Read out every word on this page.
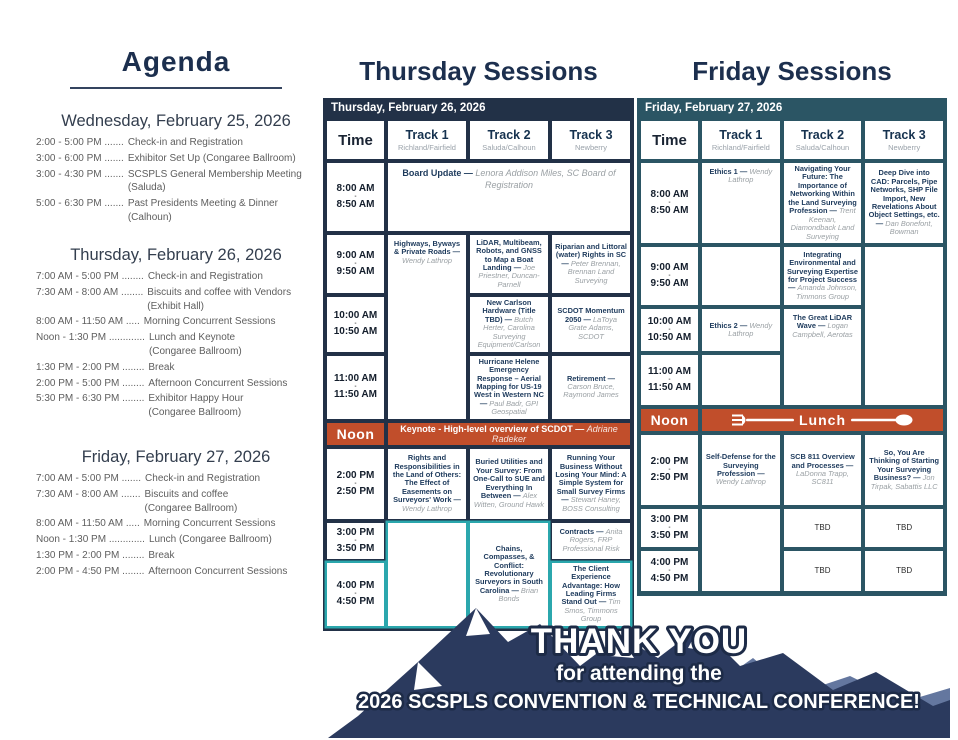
Agenda
Wednesday, February 25, 2026
2:00 - 5:00 PM ....... Check-in and Registration
3:00 - 6:00 PM ....... Exhibitor Set Up (Congaree Ballroom)
3:00 - 4:30 PM ....... SCSPLS General Membership Meeting
(Saluda)
5:00 - 6:30 PM ....... Past Presidents Meeting & Dinner
(Calhoun)
Thursday, February 26, 2026
7:00 AM - 5:00 PM ........ Check-in and Registration
7:30 AM - 8:00 AM ........ Biscuits and coffee with Vendors
(Exhibit Hall)
8:00 AM - 11:50 AM ..... Morning Concurrent Sessions
Noon - 1:30 PM ............. Lunch and Keynote
(Congaree Ballroom)
1:30 PM - 2:00 PM ........ Break
2:00 PM - 5:00 PM ........ Afternoon Concurrent Sessions
5:30 PM - 6:30 PM ........ Exhibitor Happy Hour
(Congaree Ballroom)
Friday, February 27, 2026
7:00 AM - 5:00 PM ....... Check-in and Registration
7:30 AM - 8:00 AM ....... Biscuits and coffee
(Congaree Ballroom)
8:00 AM - 11:50 AM ..... Morning Concurrent Sessions
Noon - 1:30 PM ............. Lunch (Congaree Ballroom)
1:30 PM - 2:00 PM ........ Break
2:00 PM - 4:50 PM ........ Afternoon Concurrent Sessions
Thursday Sessions	Friday Sessions
Thursday, February 26, 2026
Time	Track 1
Richland/Fairfield

Track 2
Saluda/Calhoun

Track 3
Newberry

8:00 AM
-
8:50 AM	Board Update — Lenora Addison Miles, SC Board of Registration		

9:00 AM
-
9:50 AM	Highways, Byways & Private Roads — Wendy Lathrop	LiDAR, Multibeam, Robots, and GNSS to Map a Boat Landing — Joe Priestner, Duncan-Parnell	Riparian and Littoral (water) Rights in SC — Peter Brennan, Brennan Land Surveying

10:00 AM
-
10:50 AM		New Carlson Hardware (Title TBD) — Butch Herter, Carolina Surveying Equipment/Carlson	SCDOT Momentum 2050 — LaToya Grate Adams, SCDOT

11:00 AM
-
11:50 AM		Hurricane Helene Emergency Response – Aerial Mapping for US-19 West in Western NC — Paul Badr, GPI Geospatial	Retirement — Carson Bruce, Raymond James
Noon	Keynote - High-level overview of SCDOT — Adriane Radeker		

2:00 PM
-
2:50 PM	Rights and Responsibilities in the Land of Others: The Effect of Easements on Surveyors' Work — Wendy Lathrop	Buried Utilities and Your Survey: From One-Call to SUE and Everything In Between — Alex Witten, Ground Hawk	Running Your Business Without Losing Your Mind: A Simple System for Small Survey Firms — Stewart Haney, BOSS Consulting

3:00 PM
-
3:50 PM		Chains, Compasses, & Conflict: Revolutionary Surveyors in South Carolina — Brian Bonds	Contracts — Anita Rogers, FRP Professional Risk

4:00 PM
-
4:50 PM			The Client Experience Advantage: How Leading Firms Stand Out — Tim Smos, Timmons Group
Friday, February 27, 2026
Time	Track 1
Richland/Fairfield

Track 2
Saluda/Calhoun

Track 3
Newberry

8:00 AM
-
8:50 AM	Ethics 1 — Wendy Lathrop	Navigating Your Future: The Importance of Networking Within the Land Surveying Profession — Trent Keenan, Diamondback Land Surveying	Deep Dive into CAD: Parcels, Pipe Networks, SHP File Import, New Revelations About Object Settings, etc. — Dan Bonefont, Bowman

9:00 AM
-
9:50 AM		Integrating Environmental and Surveying Expertise for Project Success — Amanda Johnson, Timmons Group	

10:00 AM
-
10:50 AM	Ethics 2 — Wendy Lathrop	The Great LiDAR Wave — Logan Campbell, Aerotas	

11:00 AM
-
11:50 AM			

Noon	Lunch		

2:00 PM
-
2:50 PM	Self-Defense for the Surveying Profession — Wendy Lathrop	SCB 811 Overview and Processes — LaDonna Trapp, SC811	So, You Are Thinking of Starting Your Surveying Business? — Jon Tirpak, Sabattis LLC

3:00 PM
-
3:50 PM		TBD	TBD

4:00 PM
-
4:50 PM		TBD	TBD
THANK YOU
for attending the
2026 SCSPLS CONVENTION & TECHNICAL CONFERENCE!
